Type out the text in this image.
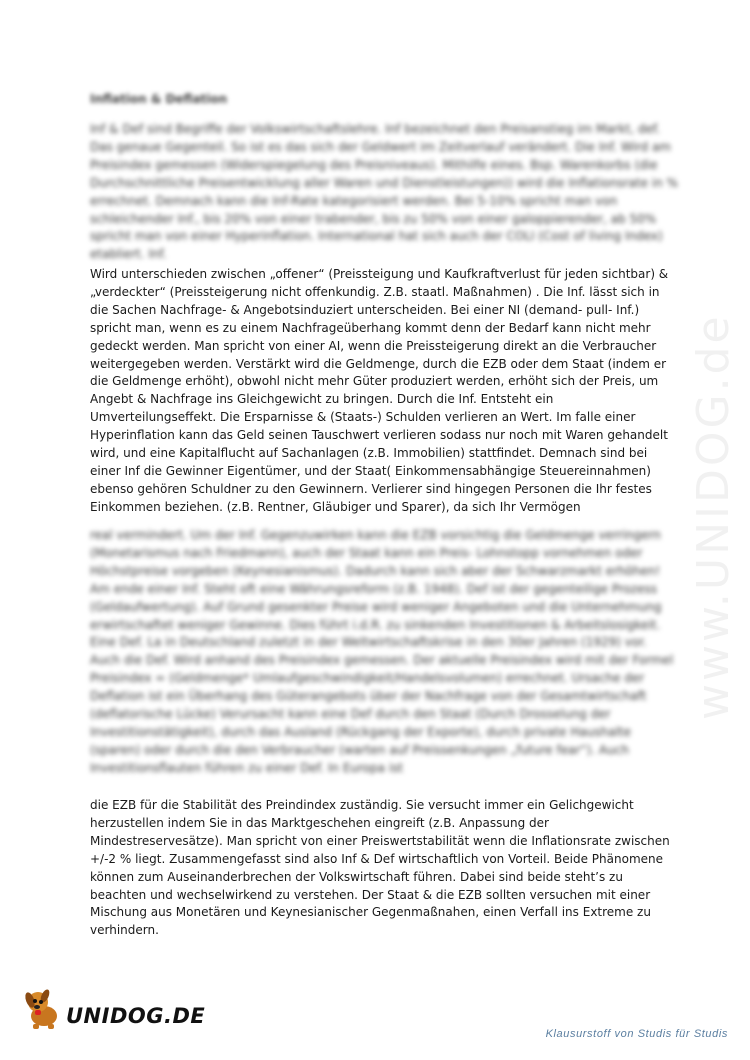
www.UNIDOG.de
Inflation & Deflation
Inf & Def sind Begriffe der Volkswirtschaftslehre. Inf bezeichnet den Preisanstieg im Markt, def. Das genaue Gegenteil. So ist es das sich der Geldwert im Zeitverlauf verändert. Die Inf. Wird am Preisindex gemessen (Widerspiegelung des Preisniveaus). Mithilfe eines. Bsp. Warenkorbs (die Durchschnittliche Preisentwicklung aller Waren und Dienstleistungen)) wird die Inflationsrate in % errechnet. Demnach kann die Inf-Rate kategorisiert werden. Bei 5-10% spricht man von schleichender Inf., bis 20% von einer trabender, bis zu 50% von einer galoppierender, ab 50% spricht man von einer Hyperinflation. International hat sich auch der COLI (Cost of living Index) etabliert. Inf.
Wird unterschieden zwischen „offener“ (Preissteigung und Kaufkraftverlust für jeden sichtbar) & „verdeckter“ (Preissteigerung nicht offenkundig. Z.B. staatl. Maßnahmen) . Die Inf. lässt sich in die Sachen Nachfrage- & Angebotsinduziert unterscheiden. Bei einer NI (demand- pull- Inf.) spricht man, wenn es zu einem Nachfrageüberhang kommt denn der Bedarf kann nicht mehr gedeckt werden. Man spricht von einer AI, wenn die Preissteigerung direkt an die Verbraucher weitergegeben werden. Verstärkt wird die Geldmenge, durch die EZB oder dem Staat (indem er die Geldmenge erhöht), obwohl nicht mehr Güter produziert werden, erhöht sich der Preis, um Angebt & Nachfrage ins Gleichgewicht zu bringen. Durch die Inf. Entsteht ein Umverteilungseffekt. Die Ersparnisse & (Staats-) Schulden verlieren an Wert. Im falle einer Hyperinflation kann das Geld seinen Tauschwert verlieren sodass nur noch mit Waren gehandelt wird, und eine Kapitalflucht auf Sachanlagen (z.B. Immobilien) stattfindet. Demnach sind bei einer Inf die Gewinner Eigentümer, und der Staat( Einkommensabhängige Steuereinnahmen) ebenso gehören Schuldner zu den Gewinnern. Verlierer sind hingegen Personen die Ihr festes Einkommen beziehen. (z.B. Rentner, Gläubiger und Sparer), da sich Ihr Vermögen
real vermindert. Um der Inf. Gegenzuwirken kann die EZB vorsichtig die Geldmenge verringern (Monetarismus nach Friedmann), auch der Staat kann ein Preis- Lohnstopp vornehmen oder Höchstpreise vorgeben (Keynesianismus). Dadurch kann sich aber der Schwarzmarkt erhöhen! Am ende einer Inf. Steht oft eine Währungsreform (z.B. 1948). Def ist der gegenteilige Prozess (Geldaufwertung). Auf Grund gesenkter Preise wird weniger Angeboten und die Unternehmung erwirtschaftet weniger Gewinne. Dies führt i.d.R. zu sinkenden Investitionen & Arbeitslosigkeit. Eine Def. La in Deutschland zuletzt in der Weltwirtschaftskrise in den 30er Jahren (1929) vor. Auch die Def. Wird anhand des Preisindex gemessen. Der aktuelle Preisindex wird mit der Formel Preisindex = (Geldmenge* Umlaufgeschwindigkeit/Handelsvolumen) errechnet. Ursache der Deflation ist ein Überhang des Güterangebots über der Nachfrage von der Gesamtwirtschaft (deflatorische Lücke) Verursacht kann eine Def durch den Staat (Durch Drosselung der Investitionstätigkeit), durch das Ausland (Rückgang der Exporte), durch private Haushalte (sparen) oder durch die den Verbraucher (warten auf Preissenkungen „future fear“). Auch Investitionsflauten führen zu einer Def. In Europa ist
die EZB für die Stabilität des Preindindex zuständig. Sie versucht immer ein Gelichgewicht herzustellen indem Sie in das Marktgeschehen eingreift (z.B. Anpassung der Mindestreservesätze). Man spricht von einer Preiswertstabilität wenn die Inflationsrate zwischen +/-2 % liegt. Zusammengefasst sind also Inf & Def wirtschaftlich von Vorteil. Beide Phänomene können zum Auseinanderbrechen der Volkswirtschaft führen. Dabei sind beide steht’s zu beachten und wechselwirkend zu verstehen. Der Staat & die EZB sollten versuchen mit einer Mischung aus Monetären und Keynesianischer Gegenmaßnahen, einen Verfall ins Extreme zu verhindern.
UNIDOG.DE
Klausurstoff von Studis für Studis
